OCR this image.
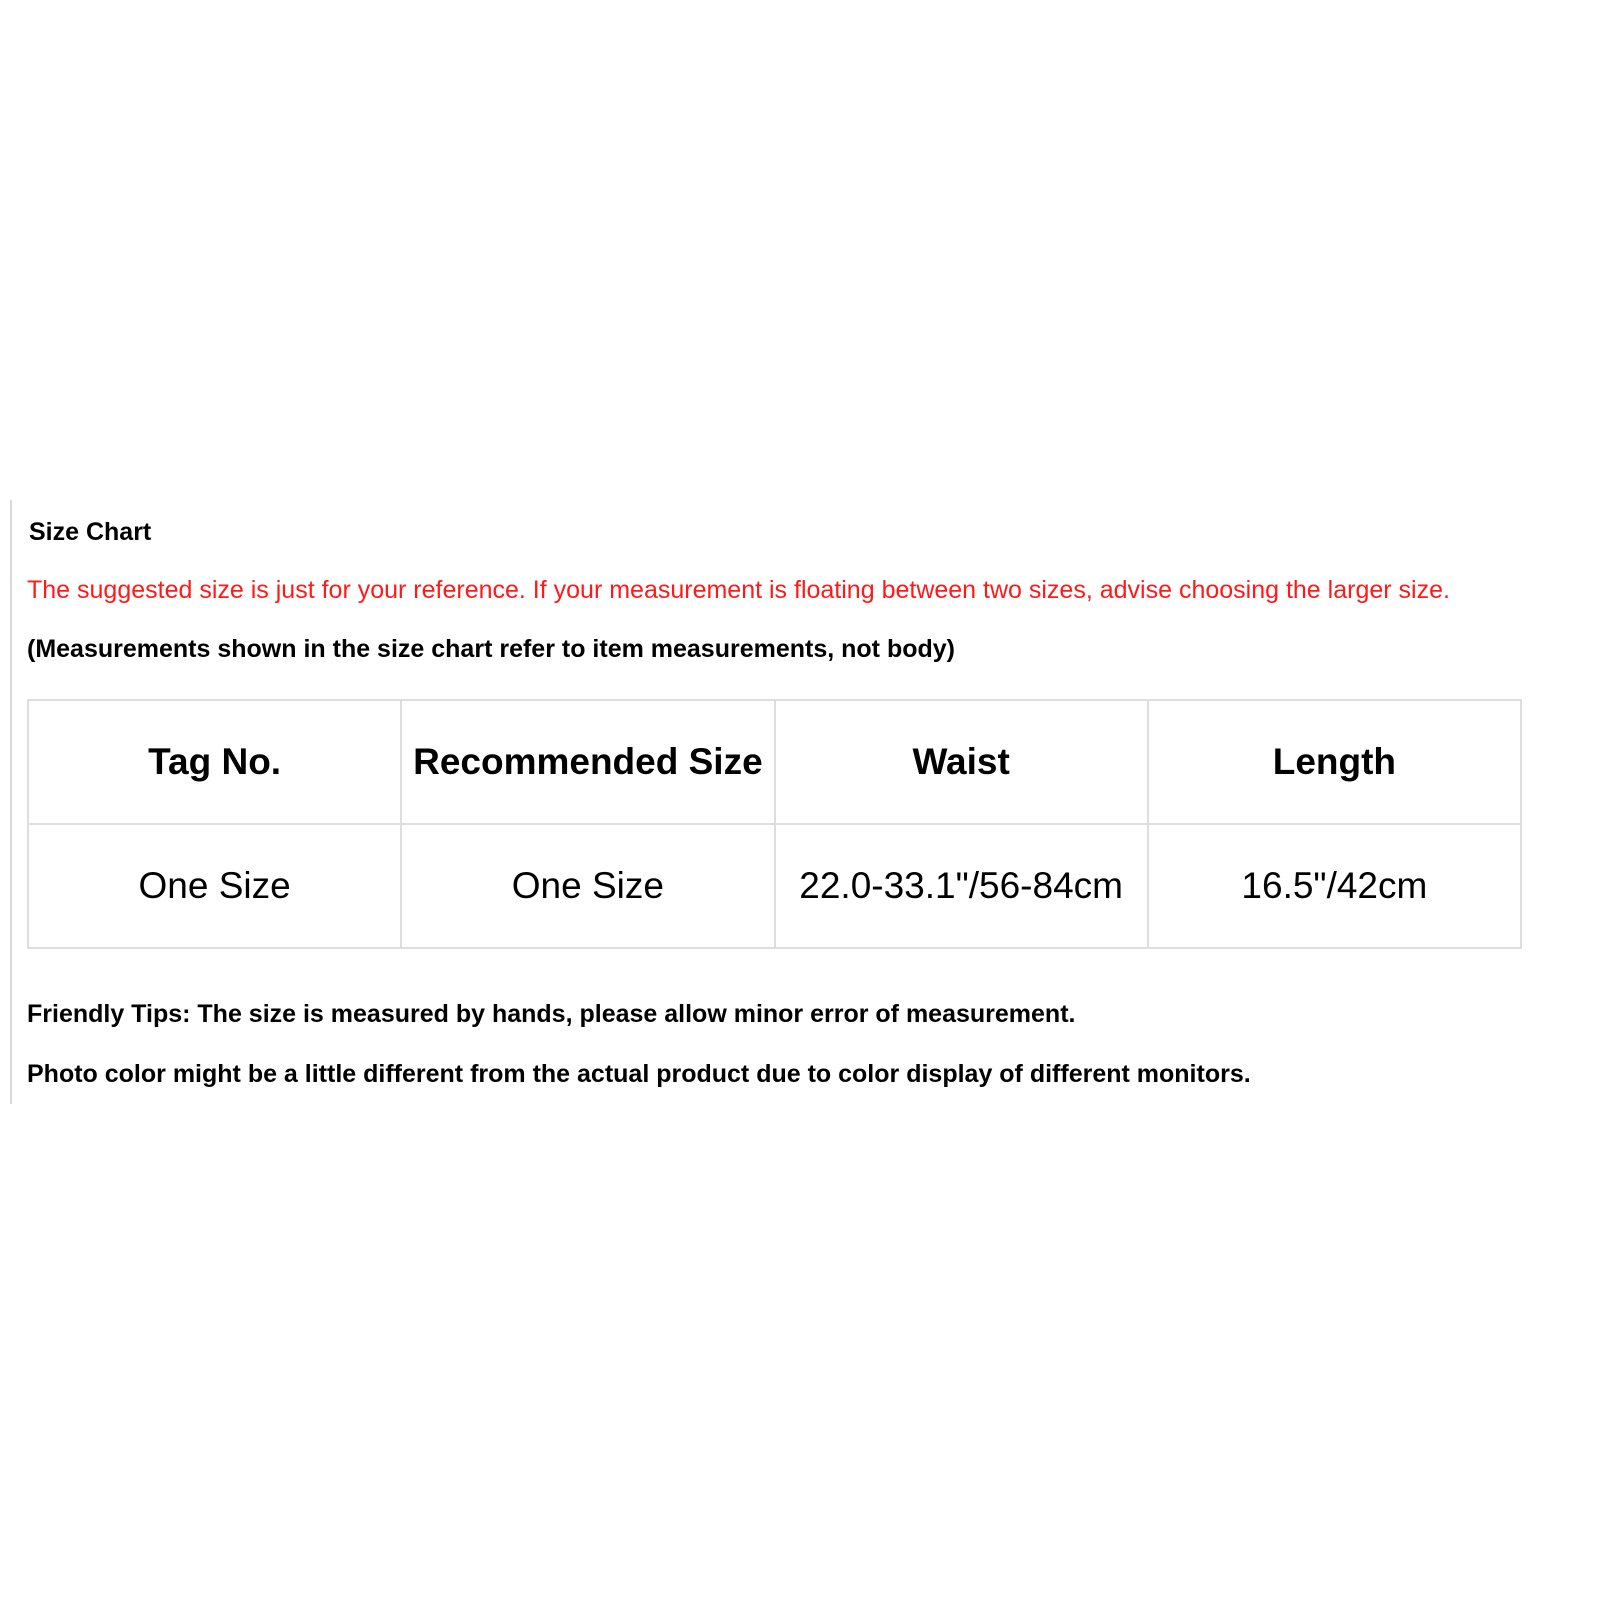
Size Chart
The suggested size is just for your reference. If your measurement is floating between two sizes, advise choosing the larger size.
(Measurements shown in the size chart refer to item measurements, not body)
Tag No.	Recommended Size	Waist	Length
One Size	One Size	22.0-33.1"/56-84cm	16.5"/42cm
Friendly Tips: The size is measured by hands, please allow minor error of measurement.
Photo color might be a little different from the actual product due to color display of different monitors.
